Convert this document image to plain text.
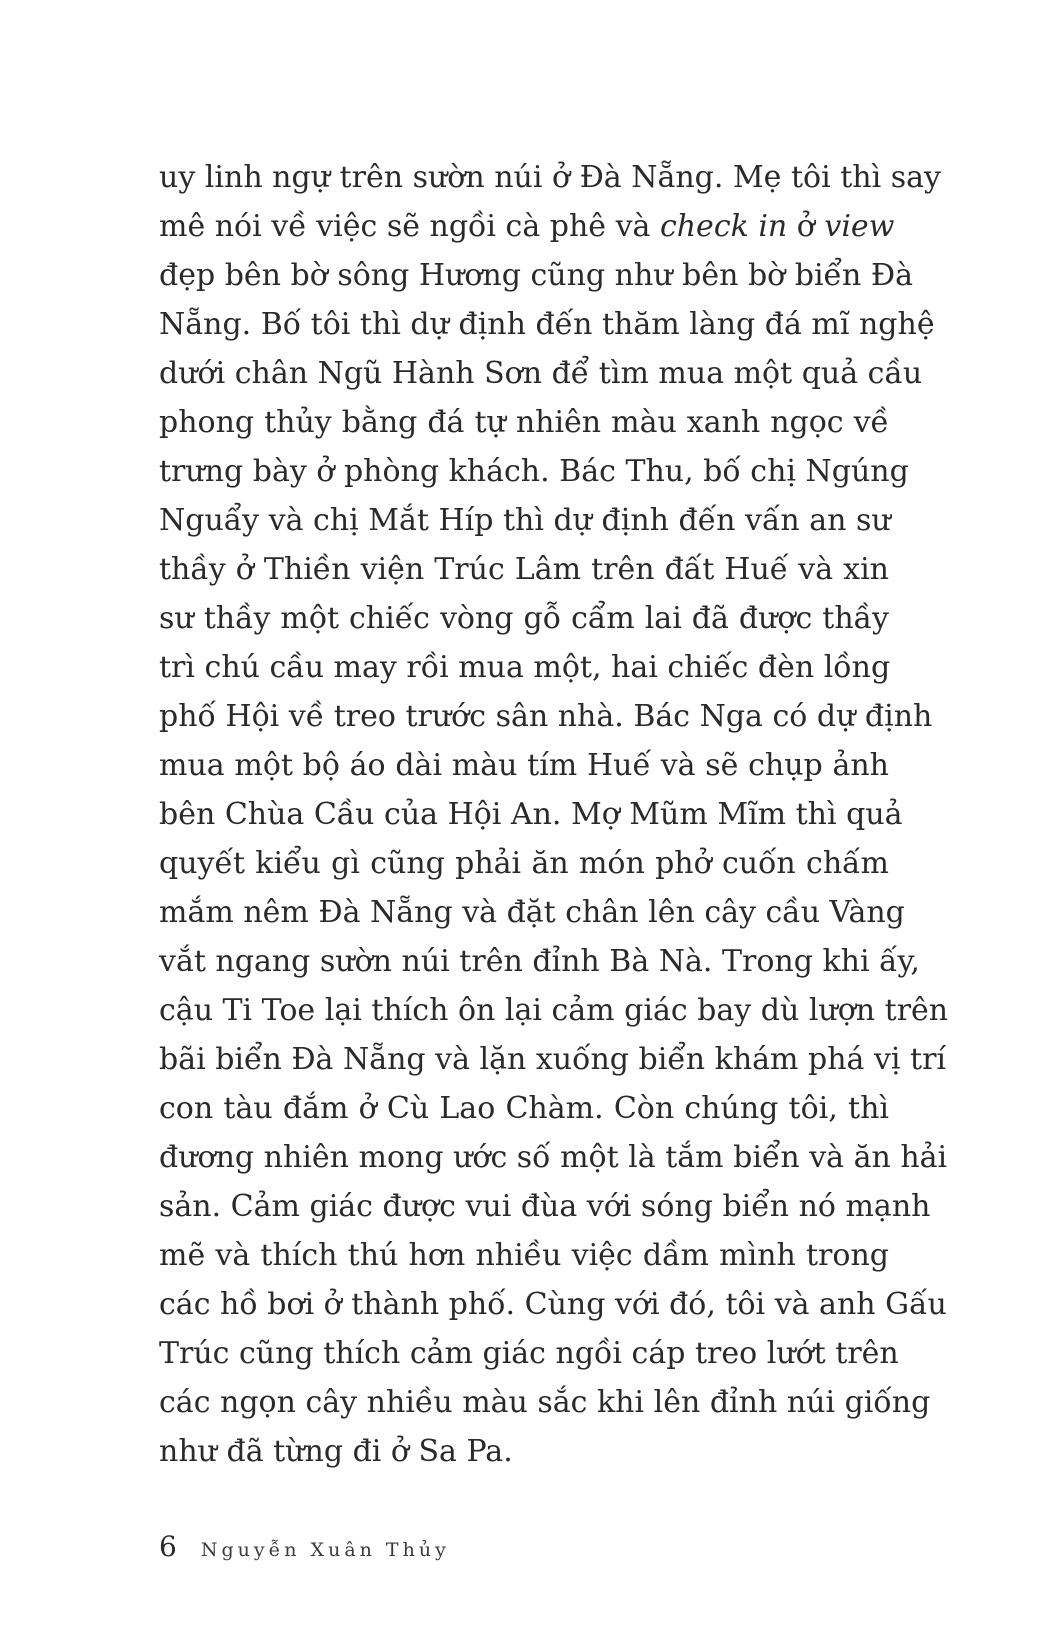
uy linh ngự trên sườn núi ở Đà Nẵng. Mẹ tôi thì say
mê nói về việc sẽ ngồi cà phê và check in ở view
đẹp bên bờ sông Hương cũng như bên bờ biển Đà
Nẵng. Bố tôi thì dự định đến thăm làng đá mĩ nghệ
dưới chân Ngũ Hành Sơn để tìm mua một quả cầu
phong thủy bằng đá tự nhiên màu xanh ngọc về
trưng bày ở phòng khách. Bác Thu, bố chị Ngúng
Nguẩy và chị Mắt Híp thì dự định đến vấn an sư
thầy ở Thiền viện Trúc Lâm trên đất Huế và xin
sư thầy một chiếc vòng gỗ cẩm lai đã được thầy
trì chú cầu may rồi mua một, hai chiếc đèn lồng
phố Hội về treo trước sân nhà. Bác Nga có dự định
mua một bộ áo dài màu tím Huế và sẽ chụp ảnh
bên Chùa Cầu của Hội An. Mợ Mũm Mĩm thì quả
quyết kiểu gì cũng phải ăn món phở cuốn chấm
mắm nêm Đà Nẵng và đặt chân lên cây cầu Vàng
vắt ngang sườn núi trên đỉnh Bà Nà. Trong khi ấy,
cậu Ti Toe lại thích ôn lại cảm giác bay dù lượn trên
bãi biển Đà Nẵng và lặn xuống biển khám phá vị trí
con tàu đắm ở Cù Lao Chàm. Còn chúng tôi, thì
đương nhiên mong ước số một là tắm biển và ăn hải
sản. Cảm giác được vui đùa với sóng biển nó mạnh
mẽ và thích thú hơn nhiều việc dầm mình trong
các hồ bơi ở thành phố. Cùng với đó, tôi và anh Gấu
Trúc cũng thích cảm giác ngồi cáp treo lướt trên
các ngọn cây nhiều màu sắc khi lên đỉnh núi giống
như đã từng đi ở Sa Pa.
6 Nguyễn Xuân Thủy
